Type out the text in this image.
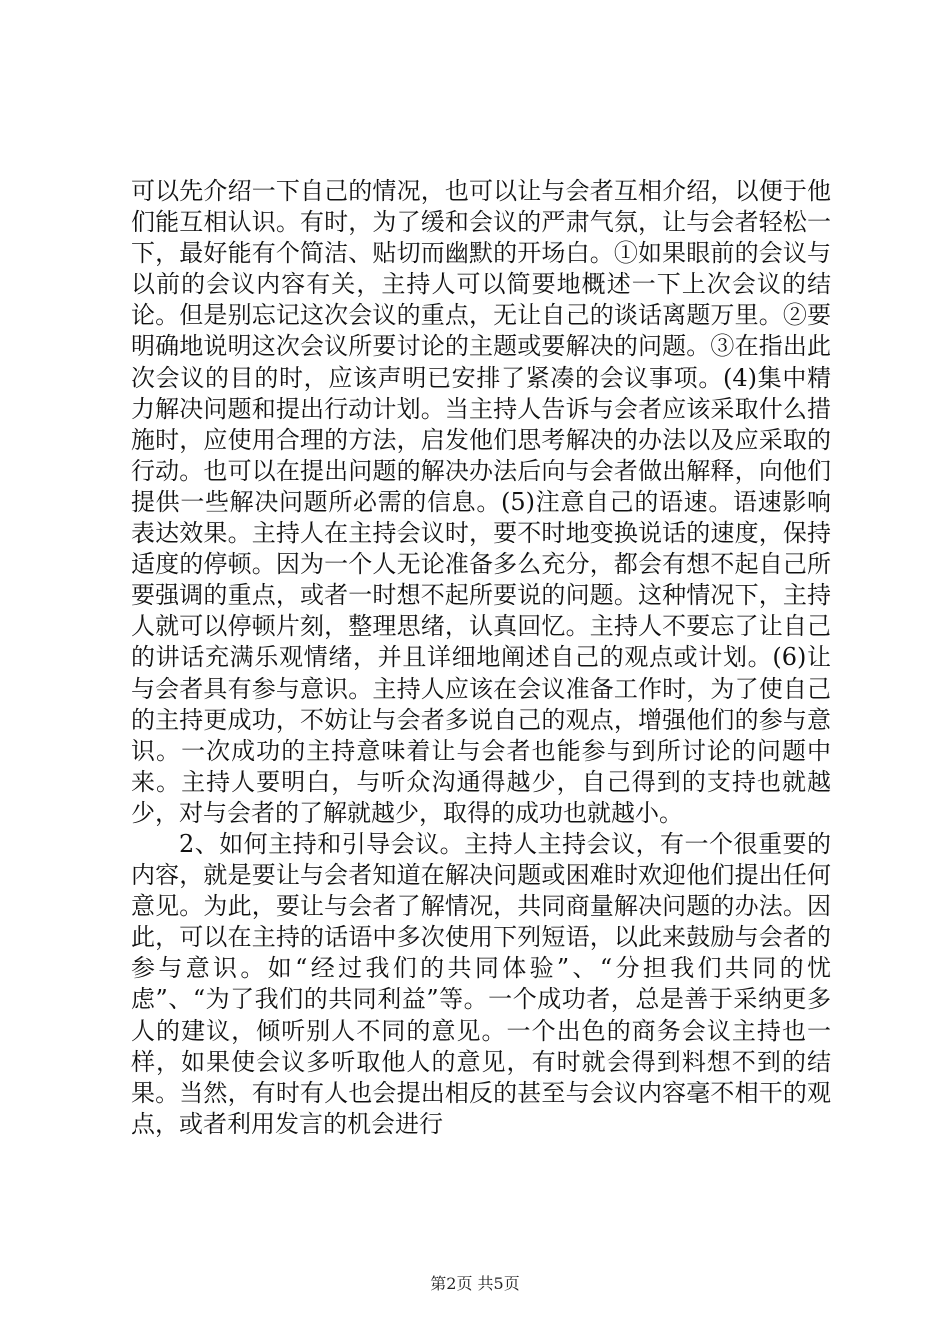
可以先介绍一下自己的情况，也可以让与会者互相介绍，以便于他们能互相认识。有时，为了缓和会议的严肃气氛，让与会者轻松一下，最好能有个简洁、贴切而幽默的开场白。①如果眼前的会议与以前的会议内容有关，主持人可以简要地概述一下上次会议的结论。但是别忘记这次会议的重点，无让自己的谈话离题万里。②要明确地说明这次会议所要讨论的主题或要解决的问题。③在指出此次会议的目的时，应该声明已安排了紧凑的会议事项。(4)集中精力解决问题和提出行动计划。当主持人告诉与会者应该采取什么措施时，应使用合理的方法，启发他们思考解决的办法以及应采取的行动。也可以在提出问题的解决办法后向与会者做出解释，向他们提供一些解决问题所必需的信息。(5)注意自己的语速。语速影响表达效果。主持人在主持会议时，要不时地变换说话的速度，保持适度的停顿。因为一个人无论准备多么充分，都会有想不起自己所要强调的重点，或者一时想不起所要说的问题。这种情况下，主持人就可以停顿片刻，整理思绪，认真回忆。主持人不要忘了让自己的讲话充满乐观情绪，并且详细地阐述自己的观点或计划。(6)让与会者具有参与意识。主持人应该在会议准备工作时，为了使自己的主持更成功，不妨让与会者多说自己的观点，增强他们的参与意识。一次成功的主持意味着让与会者也能参与到所讨论的问题中来。主持人要明白，与听众沟通得越少，自己得到的支持也就越少，对与会者的了解就越少，取得的成功也就越小。

2、如何主持和引导会议。主持人主持会议，有一个很重要的内容，就是要让与会者知道在解决问题或困难时欢迎他们提出任何意见。为此，要让与会者了解情况，共同商量解决问题的办法。因此，可以在主持的话语中多次使用下列短语，以此来鼓励与会者的参与意识。如“经过我们的共同体验”、“分担我们共同的忧虑”、“为了我们的共同利益”等。一个成功者，总是善于采纳更多人的建议，倾听别人不同的意见。一个出色的商务会议主持也一样，如果使会议多听取他人的意见，有时就会得到料想不到的结果。当然，有时有人也会提出相反的甚至与会议内容毫不相干的观点，或者利用发言的机会进行

第2页 共5页
